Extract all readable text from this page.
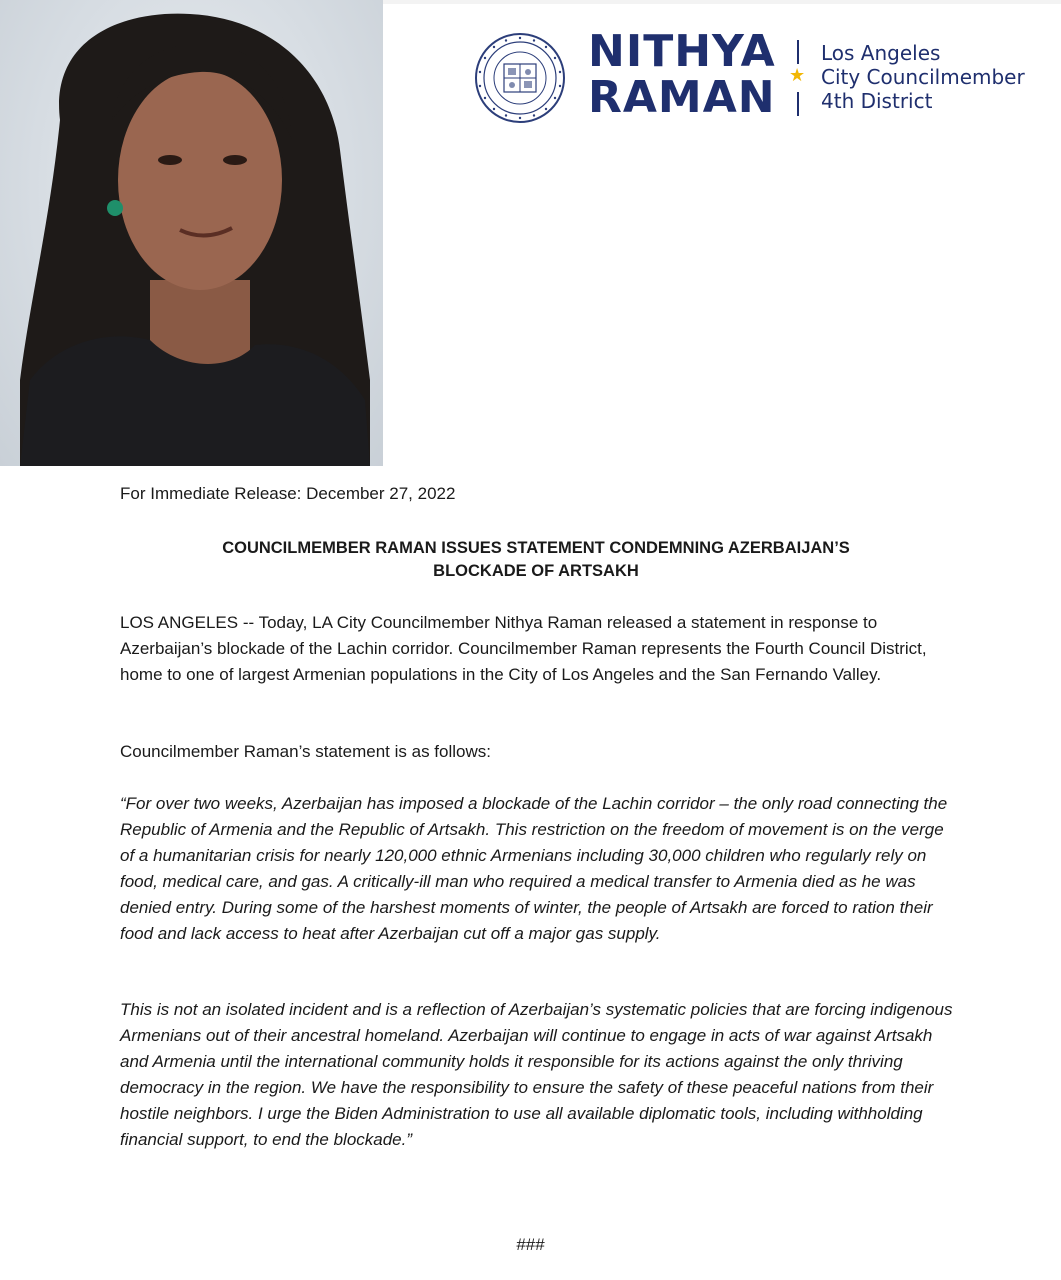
NITHYA
RAMAN ★
Los Angeles
City Councilmember
4th District
For Immediate Release: December 27, 2022
COUNCILMEMBER RAMAN ISSUES STATEMENT CONDEMNING AZERBAIJAN’S
BLOCKADE OF ARTSAKH

LOS ANGELES -- Today, LA City Councilmember Nithya Raman released a statement in response to Azerbaijan’s blockade of the Lachin corridor. Councilmember Raman represents the Fourth Council District, home to one of largest Armenian populations in the City of Los Angeles and the San Fernando Valley.

Councilmember Raman’s statement is as follows:

“For over two weeks, Azerbaijan has imposed a blockade of the Lachin corridor – the only road connecting the Republic of Armenia and the Republic of Artsakh. This restriction on the freedom of movement is on the verge of a humanitarian crisis for nearly 120,000 ethnic Armenians including 30,000 children who regularly rely on food, medical care, and gas. A critically-ill man who required a medical transfer to Armenia died as he was denied entry. During some of the harshest moments of winter, the people of Artsakh are forced to ration their food and lack access to heat after Azerbaijan cut off a major gas supply.

This is not an isolated incident and is a reflection of Azerbaijan’s systematic policies that are forcing indigenous Armenians out of their ancestral homeland. Azerbaijan will continue to engage in acts of war against Artsakh and Armenia until the international community holds it responsible for its actions against the only thriving democracy in the region. We have the responsibility to ensure the safety of these peaceful nations from their hostile neighbors. I urge the Biden Administration to use all available diplomatic tools, including withholding financial support, to end the blockade.”

###
